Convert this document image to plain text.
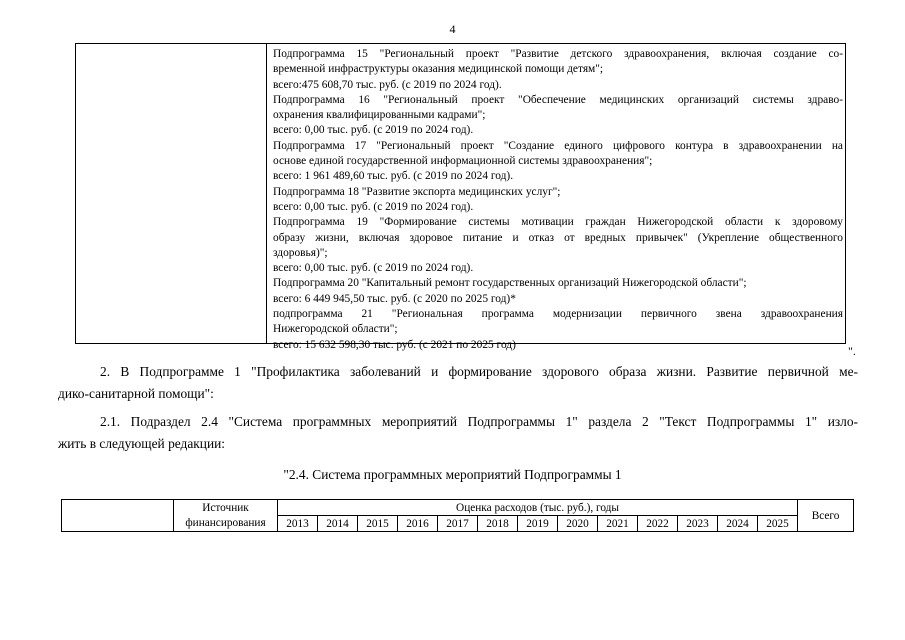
4
Подпрограмма 15 "Региональный проект "Развитие детского здравоохранения, включая создание со-
временной инфраструктуры оказания медицинской помощи детям";
всего:475 608,70 тыс. руб. (с 2019 по 2024 год).
Подпрограмма 16 "Региональный проект "Обеспечение медицинских организаций системы здраво-
охранения квалифицированными кадрами";
всего: 0,00 тыс. руб. (с 2019 по 2024 год).
Подпрограмма 17 "Региональный проект "Создание единого цифрового контура в здравоохранении на
основе единой государственной информационной системы здравоохранения";
всего: 1 961 489,60 тыс. руб. (с 2019 по 2024 год).
Подпрограмма 18 "Развитие экспорта медицинских услуг";
всего: 0,00 тыс. руб. (с 2019 по 2024 год).
Подпрограмма 19 "Формирование системы мотивации граждан Нижегородской области к здоровому
образу жизни, включая здоровое питание и отказ от вредных привычек" (Укрепление общественного
здоровья)";
всего: 0,00 тыс. руб. (с 2019 по 2024 год).
Подпрограмма 20 "Капитальный ремонт государственных организаций Нижегородской области";
всего: 6 449 945,50 тыс. руб. (с 2020 по 2025 год)*
подпрограмма 21 "Региональная программа модернизации первичного звена здравоохранения
Нижегородской области";
всего: 15 632 598,30 тыс. руб. (с 2021 по 2025 год)	".
2. В Подпрограмме 1 "Профилактика заболеваний и формирование здорового образа жизни. Развитие первичной ме-
дико-санитарной помощи":
2.1. Подраздел 2.4 "Система программных мероприятий Подпрограммы 1" раздела 2 "Текст Подпрограммы 1" изло-
жить в следующей редакции:
"2.4. Система программных мероприятий Подпрограммы 1
	Источник	Оценка расходов (тыс. руб.), годы													Всего
	финансирования	2013	2014	2015	2016	2017	2018	2019	2020	2021	2022	2023	2024	2025	
